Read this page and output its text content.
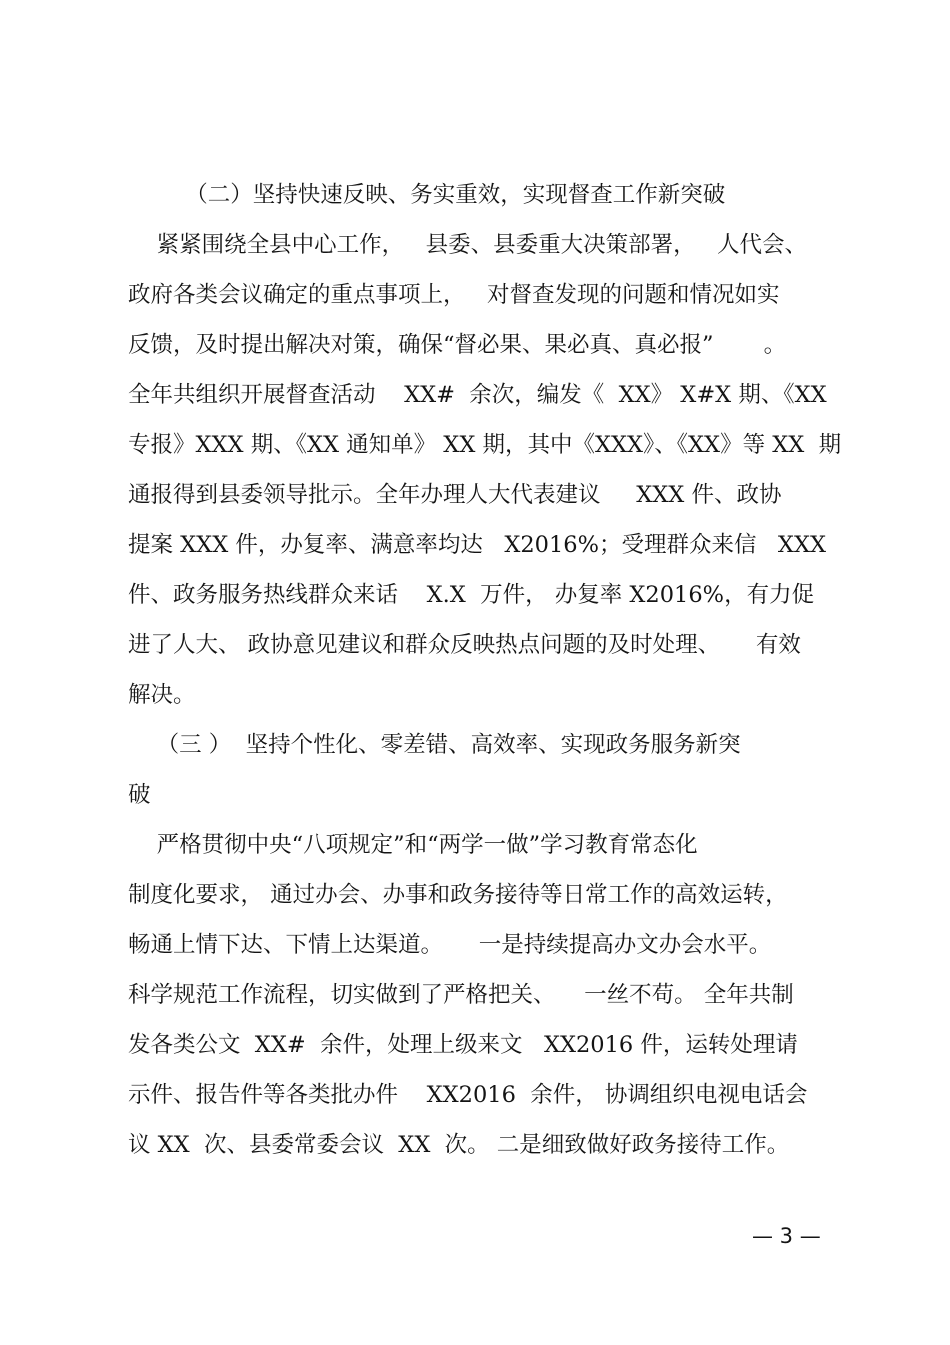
（二）坚持快速反映、务实重效，实现督查工作新突破

紧紧围绕全县中心工作，   县委、县委重大决策部署，   人代会、

政府各类会议确定的重点事项上，   对督查发现的问题和情况如实

反馈，及时提出解决对策，确保“督必果、果必真、真必报”       。

全年共组织开展督查活动    XX#  余次，编发《  XX》 X#X 期、《XX

专报》XXX 期、《XX 通知单》 XX 期，其中《XXX》、《XX》等 XX  期

通报得到县委领导批示。全年办理人大代表建议     XXX 件、政协

提案 XXX 件，办复率、满意率均达   X2016%；受理群众来信   XXX

件、政务服务热线群众来话    X.X  万件， 办复率 X2016%，有力促

进了人大、 政协意见建议和群众反映热点问题的及时处理、     有效

解决。

（三 ）  坚持个性化、零差错、高效率、实现政务服务新突

破

严格贯彻中央“八项规定”和“两学一做”学习教育常态化

制度化要求， 通过办会、办事和政务接待等日常工作的高效运转，

畅通上情下达、下情上达渠道。     一是持续提高办文办会水平。

科学规范工作流程，切实做到了严格把关、    一丝不苟。 全年共制

发各类公文  XX#  余件，处理上级来文   XX2016 件，运转处理请

示件、报告件等各类批办件    XX2016  余件， 协调组织电视电话会

议 XX  次、县委常委会议  XX  次。 二是细致做好政务接待工作。

— 3 —
